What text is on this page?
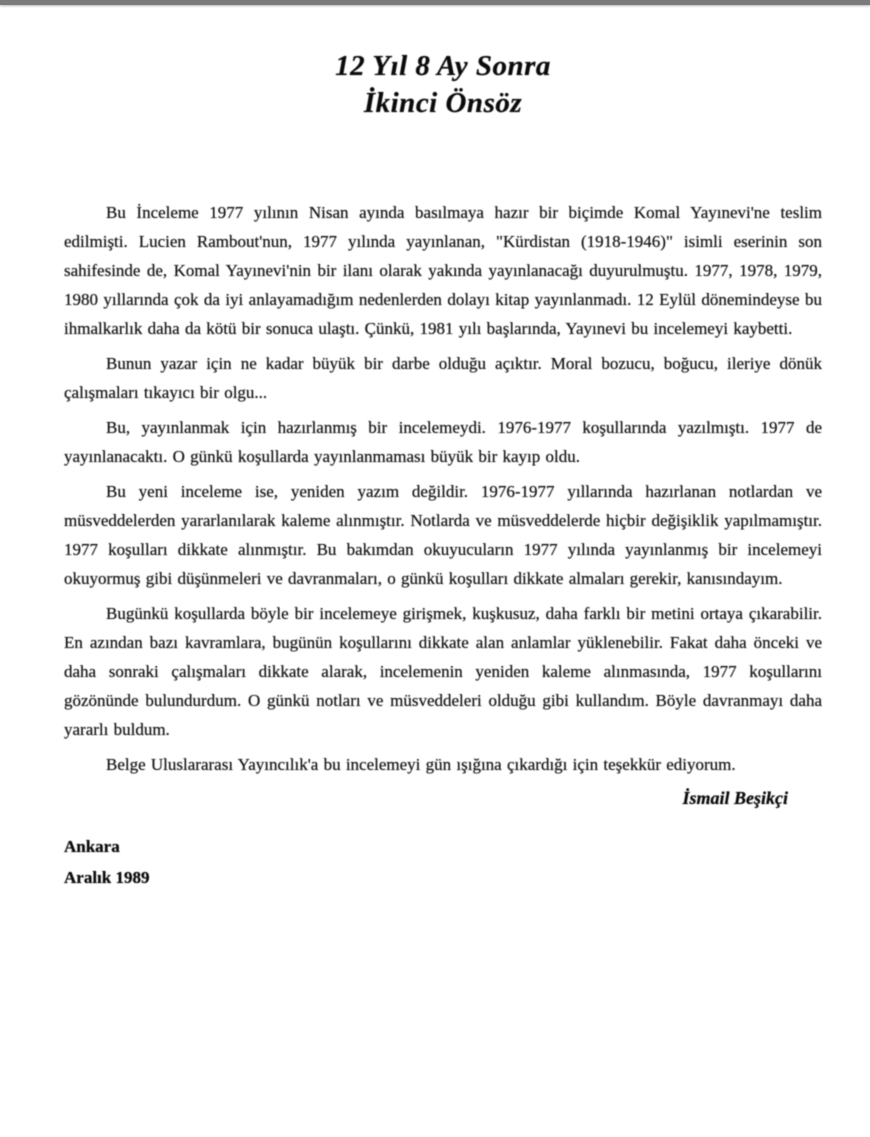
12 Yıl 8 Ay Sonra
İkinci Önsöz

Bu İnceleme 1977 yılının Nisan ayında basılmaya hazır bir biçimde Komal Yayınevi'ne teslim edilmişti. Lucien Rambout'nun, 1977 yılında yayınlanan, "Kürdistan (1918-1946)" isimli eserinin son sahifesinde de, Komal Yayınevi'nin bir ilanı olarak yakında yayınlanacağı duyurulmuştu. 1977, 1978, 1979, 1980 yıllarında çok da iyi anlayamadığım nedenlerden dolayı kitap yayınlanmadı. 12 Eylül dönemindeyse bu ihmalkarlık daha da kötü bir sonuca ulaştı. Çünkü, 1981 yılı başlarında, Yayınevi bu incelemeyi kaybetti.

Bunun yazar için ne kadar büyük bir darbe olduğu açıktır. Moral bozucu, boğucu, ileriye dönük çalışmaları tıkayıcı bir olgu...

Bu, yayınlanmak için hazırlanmış bir incelemeydi. 1976-1977 koşullarında yazılmıştı. 1977 de yayınlanacaktı. O günkü koşullarda yayınlanmaması büyük bir kayıp oldu.

Bu yeni inceleme ise, yeniden yazım değildir. 1976-1977 yıllarında hazırlanan notlardan ve müsveddelerden yararlanılarak kaleme alınmıştır. Notlarda ve müsveddelerde hiçbir değişiklik yapılmamıştır. 1977 koşulları dikkate alınmıştır. Bu bakımdan okuyucuların 1977 yılında yayınlanmış bir incelemeyi okuyormuş gibi düşünmeleri ve davranmaları, o günkü koşulları dikkate almaları gerekir, kanısındayım.

Bugünkü koşullarda böyle bir incelemeye girişmek, kuşkusuz, daha farklı bir metini ortaya çıkarabilir. En azından bazı kavramlara, bugünün koşullarını dikkate alan anlamlar yüklenebilir. Fakat daha önceki ve daha sonraki çalışmaları dikkate alarak, incelemenin yeniden kaleme alınmasında, 1977 koşullarını gözönünde bulundurdum. O günkü notları ve müsveddeleri olduğu gibi kullandım. Böyle davranmayı daha yararlı buldum.

Belge Uluslararası Yayıncılık'a bu incelemeyi gün ışığına çıkardığı için teşekkür ediyorum.

İsmail Beşikçi
Ankara
Aralık 1989
